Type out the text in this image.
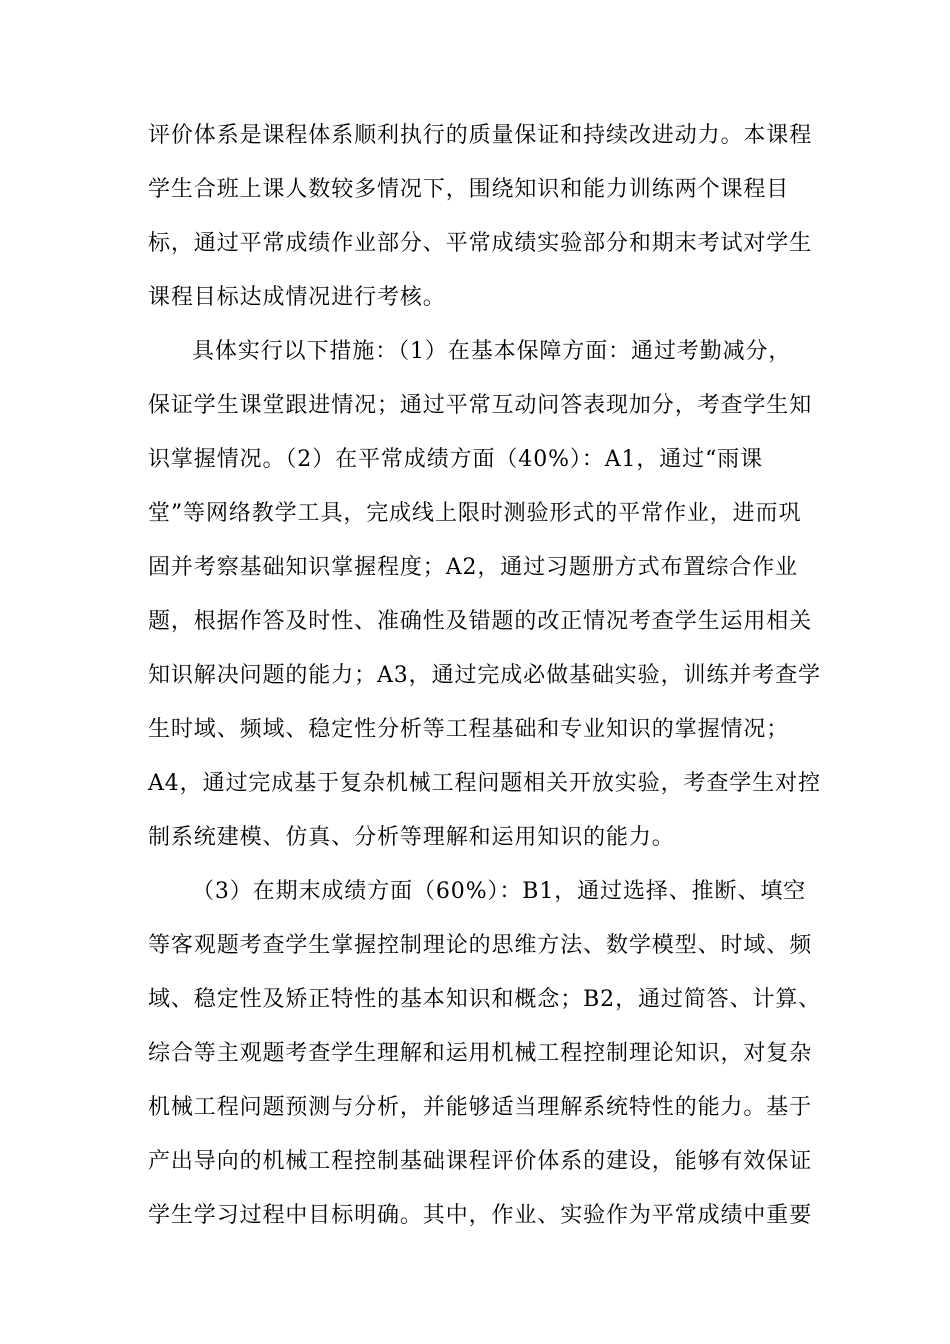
评价体系是课程体系顺利执行的质量保证和持续改进动力。本课程
学生合班上课人数较多情况下，围绕知识和能力训练两个课程目
标，通过平常成绩作业部分、平常成绩实验部分和期末考试对学生
课程目标达成情况进行考核。
具体实行以下措施：（1）在基本保障方面：通过考勤减分，
保证学生课堂跟进情况；通过平常互动问答表现加分，考查学生知
识掌握情况。（2）在平常成绩方面（40%）：A1，通过“雨课
堂”等网络教学工具，完成线上限时测验形式的平常作业，进而巩
固并考察基础知识掌握程度；A2，通过习题册方式布置综合作业
题，根据作答及时性、准确性及错题的改正情况考查学生运用相关
知识解决问题的能力；A3，通过完成必做基础实验，训练并考查学
生时域、频域、稳定性分析等工程基础和专业知识的掌握情况；
A4，通过完成基于复杂机械工程问题相关开放实验，考查学生对控
制系统建模、仿真、分析等理解和运用知识的能力。
（3）在期末成绩方面（60%）：B1，通过选择、推断、填空
等客观题考查学生掌握控制理论的思维方法、数学模型、时域、频
域、稳定性及矫正特性的基本知识和概念；B2，通过简答、计算、
综合等主观题考查学生理解和运用机械工程控制理论知识，对复杂
机械工程问题预测与分析，并能够适当理解系统特性的能力。基于
产出导向的机械工程控制基础课程评价体系的建设，能够有效保证
学生学习过程中目标明确。其中，作业、实验作为平常成绩中重要
